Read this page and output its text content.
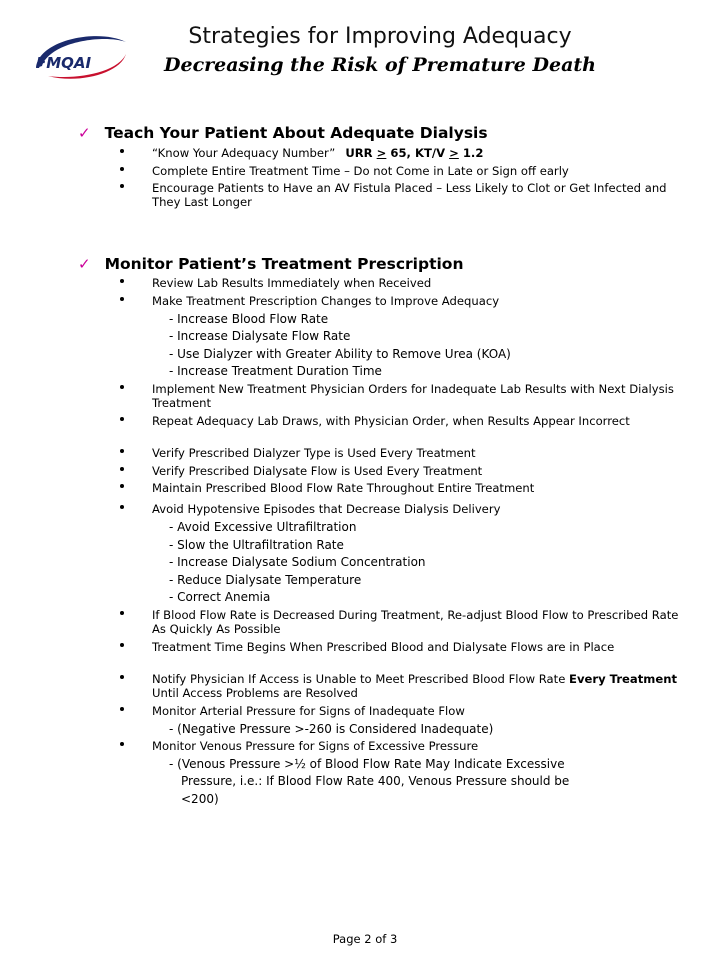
FMQAI
Strategies for Improving Adequacy
Decreasing the Risk of Premature Death
✓ Teach Your Patient About Adequate Dialysis
“Know Your Adequacy Number” URR > 65, KT/V > 1.2
Complete Entire Treatment Time – Do not Come in Late or Sign off early
Encourage Patients to Have an AV Fistula Placed – Less Likely to Clot or Get Infected and They Last Longer
✓ Monitor Patient’s Treatment Prescription
Review Lab Results Immediately when Received
Make Treatment Prescription Changes to Improve Adequacy
- Increase Blood Flow Rate
- Increase Dialysate Flow Rate
- Use Dialyzer with Greater Ability to Remove Urea (KOA)
- Increase Treatment Duration Time
Implement New Treatment Physician Orders for Inadequate Lab Results with Next Dialysis Treatment
Repeat Adequacy Lab Draws, with Physician Order, when Results Appear Incorrect
Verify Prescribed Dialyzer Type is Used Every Treatment
Verify Prescribed Dialysate Flow is Used Every Treatment
Maintain Prescribed Blood Flow Rate Throughout Entire Treatment
Avoid Hypotensive Episodes that Decrease Dialysis Delivery
- Avoid Excessive Ultrafiltration
- Slow the Ultrafiltration Rate
- Increase Dialysate Sodium Concentration
- Reduce Dialysate Temperature
- Correct Anemia
If Blood Flow Rate is Decreased During Treatment, Re-adjust Blood Flow to Prescribed Rate As Quickly As Possible
Treatment Time Begins When Prescribed Blood and Dialysate Flows are in Place
Notify Physician If Access is Unable to Meet Prescribed Blood Flow Rate Every Treatment Until Access Problems are Resolved
Monitor Arterial Pressure for Signs of Inadequate Flow
- (Negative Pressure >-260 is Considered Inadequate)
Monitor Venous Pressure for Signs of Excessive Pressure
- (Venous Pressure >½ of Blood Flow Rate May Indicate Excessive
Pressure, i.e.: If Blood Flow Rate 400, Venous Pressure should be
<200)
Page 2 of 3
